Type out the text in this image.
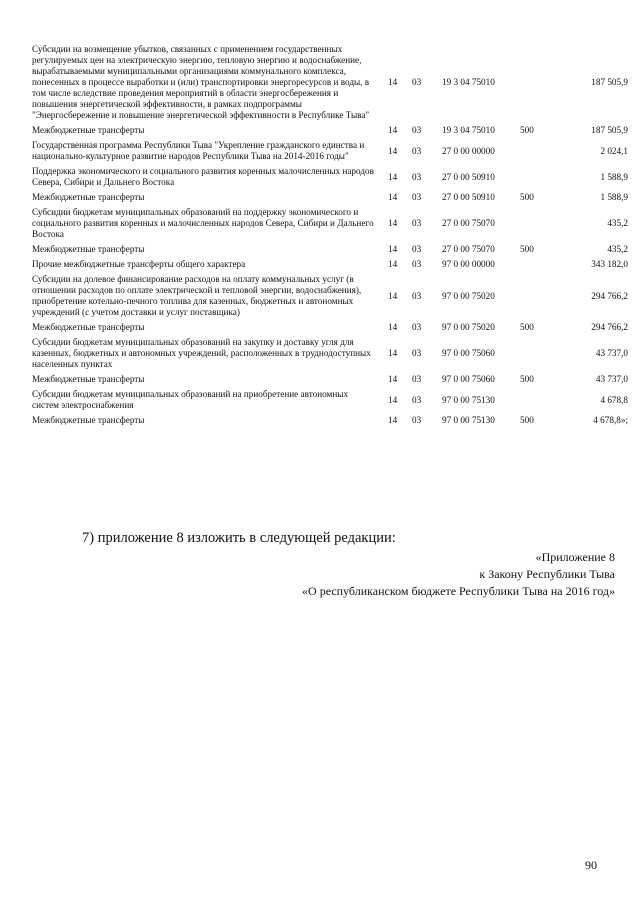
Субсидии на возмещение убытков, связанных с применением государственных регулируемых цен на электрическую энергию, тепловую энергию и водоснабжение, вырабатываемыми муниципальными организациями коммунального комплекса, понесенных в процессе выработки и (или) транспортировки энергоресурсов и воды, в том числе вследствие проведения мероприятий в области энергосбережения и повышения энергетической эффективности, в рамках подпрограммы "Энергосбережение и повышение энергетической эффективности в Республике Тыва"	14	03	19 3 04 75010		187 505,9
Межбюджетные трансферты	14	03	19 3 04 75010	500	187 505,9
Государственная программа Республики Тыва "Укрепление гражданского единства и национально-культурное развитие народов Республики Тыва на 2014-2016 годы"	14	03	27 0 00 00000		2 024,1
Поддержка экономического и социального развития коренных малочисленных народов Севера, Сибири и Дальнего Востока	14	03	27 0 00 50910		1 588,9
Межбюджетные трансферты	14	03	27 0 00 50910	500	1 588,9
Субсидии бюджетам муниципальных образований на поддержку экономического и социального развития коренных и малочисленных народов Севера, Сибири и Дальнего Востока	14	03	27 0 00 75070		435,2
Межбюджетные трансферты	14	03	27 0 00 75070	500	435,2
Прочие межбюджетные трансферты общего характера	14	03	97 0 00 00000		343 182,0
Субсидии на долевое финансирование расходов на оплату коммунальных услуг (в отношении расходов по оплате электрической и тепловой энергии, водоснабжения), приобретение котельно-печного топлива для казенных, бюджетных и автономных учреждений (с учетом доставки и услуг поставщика)	14	03	97 0 00 75020		294 766,2
Межбюджетные трансферты	14	03	97 0 00 75020	500	294 766,2
Субсидии бюджетам муниципальных образований на закупку и доставку угля для казенных, бюджетных и автономных учреждений, расположенных в труднодоступных населенных пунктах	14	03	97 0 00 75060		43 737,0
Межбюджетные трансферты	14	03	97 0 00 75060	500	43 737,0
Субсидии бюджетам муниципальных образований на приобретение автономных систем электроснабжения	14	03	97 0 00 75130		4 678,8
Межбюджетные трансферты	14	03	97 0 00 75130	500	4 678,8»;
7) приложение 8 изложить в следующей редакции:
«Приложение 8
к Закону Республики Тыва
«О республиканском бюджете Республики Тыва на 2016 год»
90
